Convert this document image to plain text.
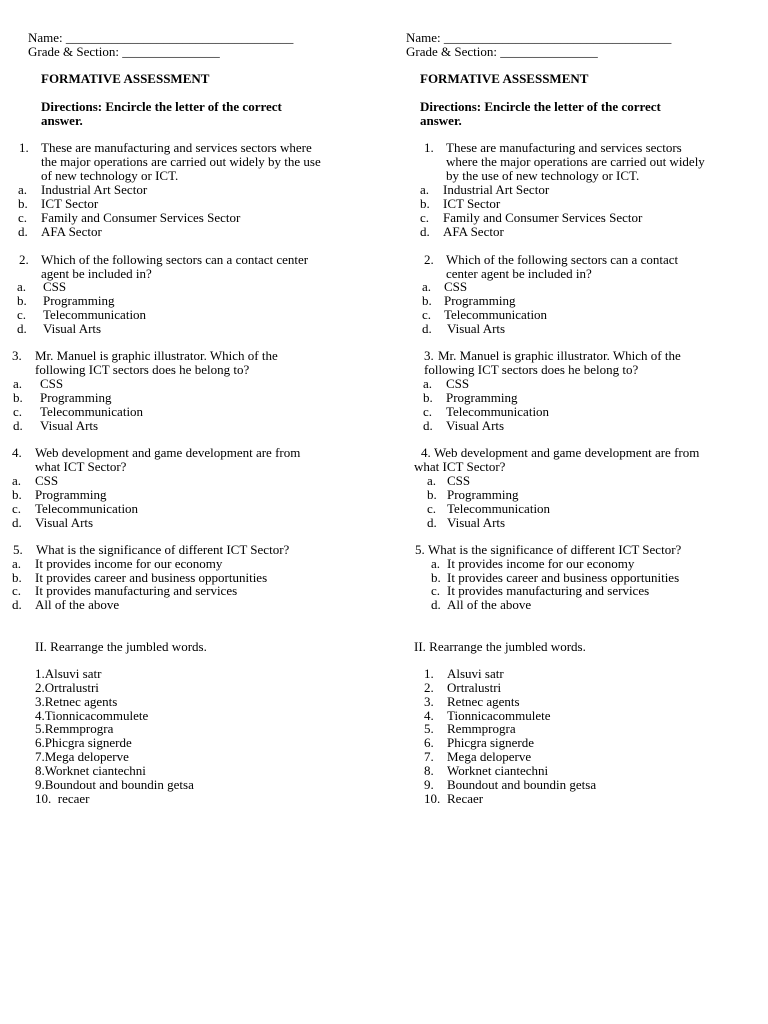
Name: ___________________________________
Grade & Section: _______________
FORMATIVE ASSESSMENT
Directions: Encircle the letter of the correct
answer.
1. These are manufacturing and services sectors where
the major operations are carried out widely by the use
of new technology or ICT.
a. Industrial Art Sector
b. ICT Sector
c. Family and Consumer Services Sector
d. AFA Sector
2. Which of the following sectors can a contact center
agent be included in?
a. CSS
b. Programming
c. Telecommunication
d. Visual Arts
3. Mr. Manuel is graphic illustrator. Which of the
following ICT sectors does he belong to?
a. CSS
b. Programming
c. Telecommunication
d. Visual Arts
4. Web development and game development are from
what ICT Sector?
a. CSS
b. Programming
c. Telecommunication
d. Visual Arts
5. What is the significance of different ICT Sector?
a. It provides income for our economy
b. It provides career and business opportunities
c. It provides manufacturing and services
d. All of the above
II. Rearrange the jumbled words.
1.Alsuvi satr
2.Ortralustri
3.Retnec agents
4.Tionnicacommulete
5.Remmprogra
6.Phicgra signerde
7.Mega deloperve
8.Worknet ciantechni
9.Boundout and boundin getsa
10.  recaer
Name: ___________________________________
Grade & Section: _______________
FORMATIVE ASSESSMENT
Directions: Encircle the letter of the correct
answer.
1. These are manufacturing and services sectors
where the major operations are carried out widely
by the use of new technology or ICT.
a. Industrial Art Sector
b. ICT Sector
c. Family and Consumer Services Sector
d. AFA Sector
2. Which of the following sectors can a contact
center agent be included in?
a. CSS
b. Programming
c. Telecommunication
d. Visual Arts
3. Mr. Manuel is graphic illustrator. Which of the
following ICT sectors does he belong to?
a. CSS
b. Programming
c. Telecommunication
d. Visual Arts
4. Web development and game development are from
what ICT Sector?
a. CSS
b. Programming
c. Telecommunication
d. Visual Arts
5. What is the significance of different ICT Sector?
a. It provides income for our economy
b. It provides career and business opportunities
c. It provides manufacturing and services
d. All of the above
II. Rearrange the jumbled words.
1. Alsuvi satr
2. Ortralustri
3. Retnec agents
4. Tionnicacommulete
5. Remmprogra
6. Phicgra signerde
7. Mega deloperve
8. Worknet ciantechni
9. Boundout and boundin getsa
10. Recaer
